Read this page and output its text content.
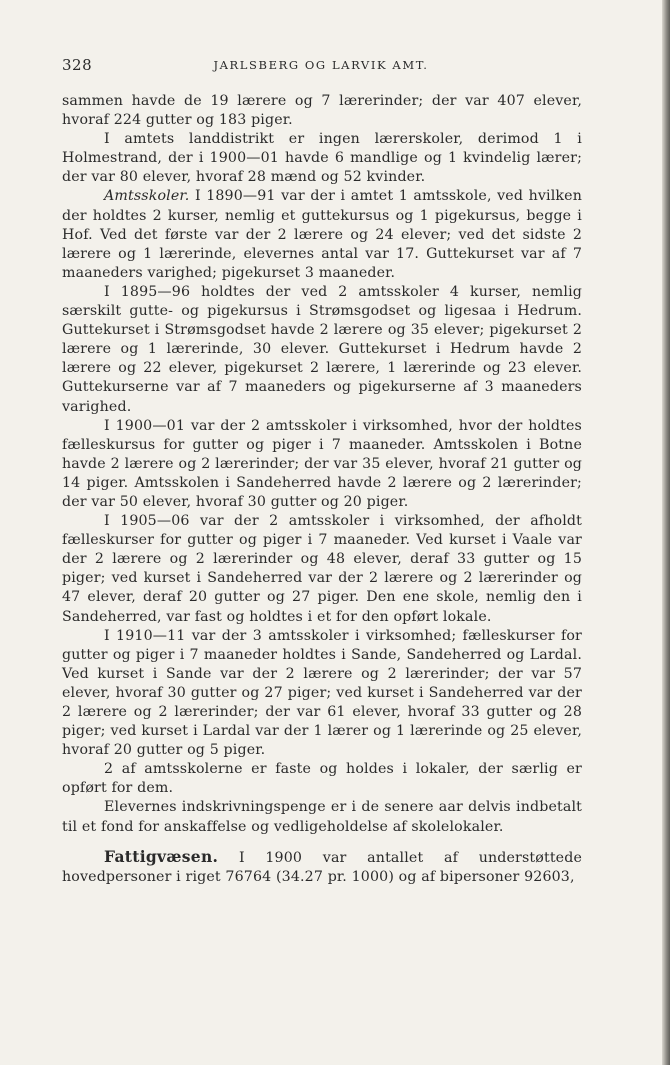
328	JARLSBERG OG LARVIK AMT.

sammen havde de 19 lærere og 7 lærerinder; der var 407 elever, hvoraf 224 gutter og 183 piger.

I amtets landdistrikt er ingen lærerskoler, derimod 1 i Holmestrand, der i 1900—01 havde 6 mandlige og 1 kvindelig lærer; der var 80 elever, hvoraf 28 mænd og 52 kvinder.

Amtsskoler. I 1890—91 var der i amtet 1 amtsskole, ved hvilken der holdtes 2 kurser, nemlig et guttekursus og 1 pigekursus, begge i Hof. Ved det første var der 2 lærere og 24 elever; ved det sidste 2 lærere og 1 lærerinde, elevernes antal var 17. Guttekurset var af 7 maaneders varighed; pigekurset 3 maaneder.

I 1895—96 holdtes der ved 2 amtsskoler 4 kurser, nemlig særskilt gutte- og pigekursus i Strømsgodset og ligesaa i Hedrum. Guttekurset i Strømsgodset havde 2 lærere og 35 elever; pigekurset 2 lærere og 1 lærerinde, 30 elever. Guttekurset i Hedrum havde 2 lærere og 22 elever, pigekurset 2 lærere, 1 lærerinde og 23 elever. Guttekurserne var af 7 maaneders og pigekurserne af 3 maaneders varighed.

I 1900—01 var der 2 amtsskoler i virksomhed, hvor der holdtes fælleskursus for gutter og piger i 7 maaneder. Amtsskolen i Botne havde 2 lærere og 2 lærerinder; der var 35 elever, hvoraf 21 gutter og 14 piger. Amtsskolen i Sandeherred havde 2 lærere og 2 lærerinder; der var 50 elever, hvoraf 30 gutter og 20 piger.

I 1905—06 var der 2 amtsskoler i virksomhed, der afholdt fælleskurser for gutter og piger i 7 maaneder. Ved kurset i Vaale var der 2 lærere og 2 lærerinder og 48 elever, deraf 33 gutter og 15 piger; ved kurset i Sandeherred var der 2 lærere og 2 lærerinder og 47 elever, deraf 20 gutter og 27 piger. Den ene skole, nemlig den i Sandeherred, var fast og holdtes i et for den opført lokale.

I 1910—11 var der 3 amtsskoler i virksomhed; fælleskurser for gutter og piger i 7 maaneder holdtes i Sande, Sandeherred og Lardal. Ved kurset i Sande var der 2 lærere og 2 lærerinder; der var 57 elever, hvoraf 30 gutter og 27 piger; ved kurset i Sandeherred var der 2 lærere og 2 lærerinder; der var 61 elever, hvoraf 33 gutter og 28 piger; ved kurset i Lardal var der 1 lærer og 1 lærerinde og 25 elever, hvoraf 20 gutter og 5 piger.

2 af amtsskolerne er faste og holdes i lokaler, der særlig er opført for dem.

Elevernes indskrivningspenge er i de senere aar delvis indbetalt til et fond for anskaffelse og vedligeholdelse af skolelokaler.

Fattigvæsen. I 1900 var antallet af understøttede hovedpersoner i riget 76764 (34.27 pr. 1000) og af bipersoner 92603,
